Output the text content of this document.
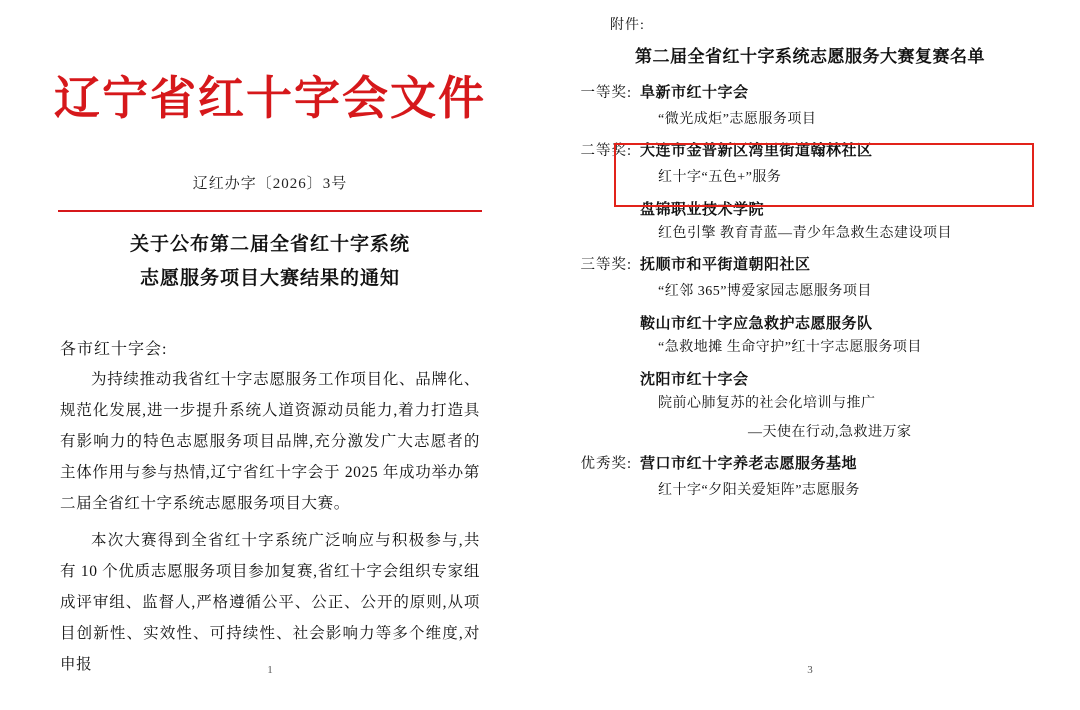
辽宁省红十字会文件
辽红办字〔2026〕3号
关于公布第二届全省红十字系统
志愿服务项目大赛结果的通知
各市红十字会:

为持续推动我省红十字志愿服务工作项目化、品牌化、规范化发展,进一步提升系统人道资源动员能力,着力打造具有影响力的特色志愿服务项目品牌,充分激发广大志愿者的主体作用与参与热情,辽宁省红十字会于 2025 年成功举办第二届全省红十字系统志愿服务项目大赛。

本次大赛得到全省红十字系统广泛响应与积极参与,共有 10 个优质志愿服务项目参加复赛,省红十字会组织专家组成评审组、监督人,严格遵循公平、公正、公开的原则,从项目创新性、实效性、可持续性、社会影响力等多个维度,对申报	1
附件:
第二届全省红十字系统志愿服务大赛复赛名单
一等奖: 阜新市红十字会
“微光成炬”志愿服务项目
二等奖: 大连市金普新区湾里街道翰林社区
红十字“五色+”服务
盘锦职业技术学院
红色引擎 教育青蓝—青少年急救生态建设项目
三等奖: 抚顺市和平街道朝阳社区
“红邻 365”博爱家园志愿服务项目
鞍山市红十字应急救护志愿服务队
“急救地摊 生命守护”红十字志愿服务项目
沈阳市红十字会
院前心肺复苏的社会化培训与推广
—天使在行动,急救进万家
优秀奖: 营口市红十字养老志愿服务基地
红十字“夕阳关爱矩阵”志愿服务
3
